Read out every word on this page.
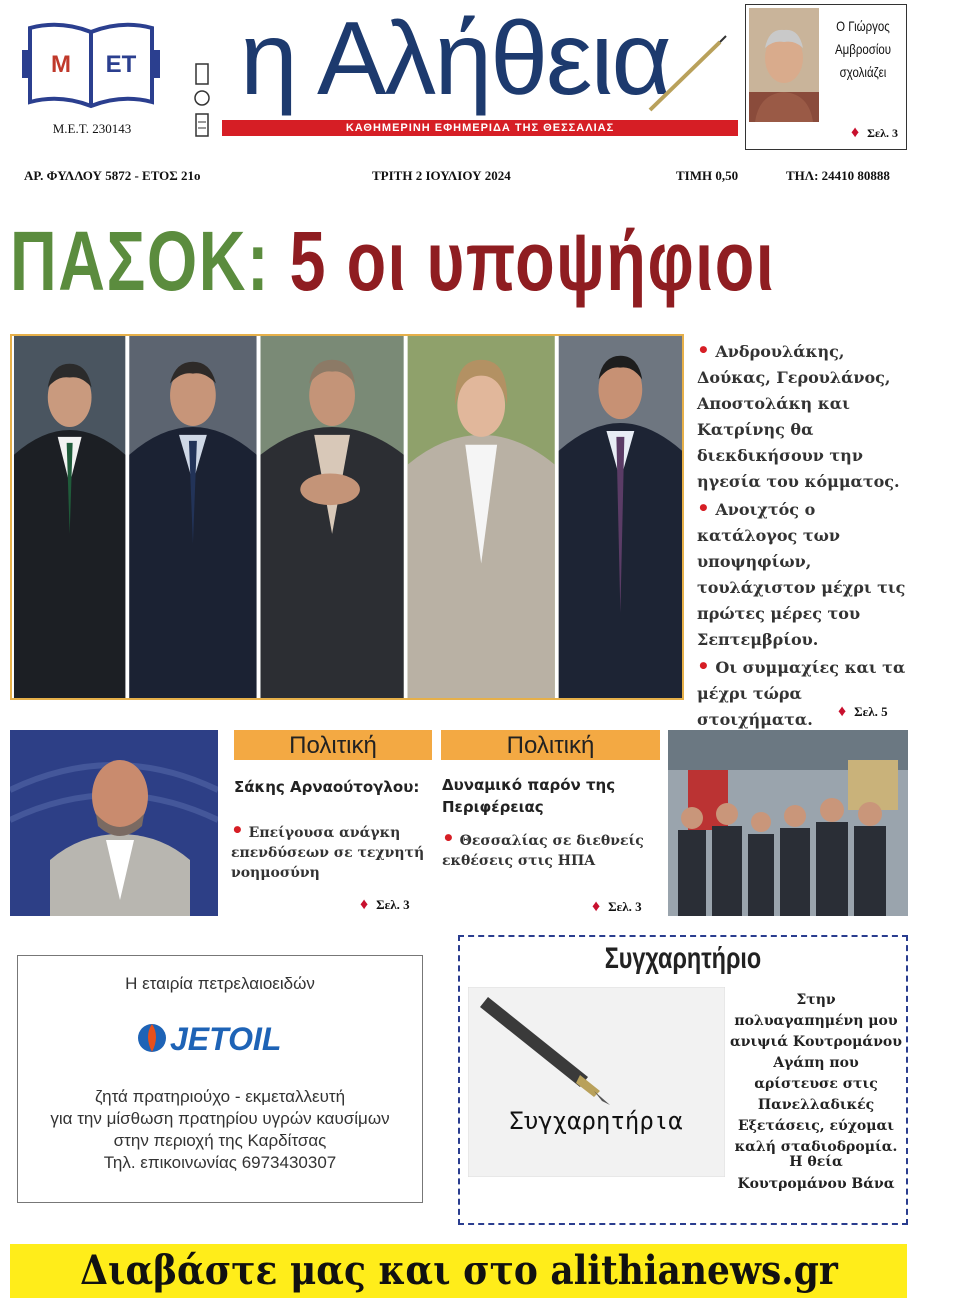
Μ ΕΤ
Μ.Ε.Τ. 230143
η Αλήθεια
ΚΑΘΗΜΕΡΙΝΗ ΕΦΗΜΕΡΙΔΑ ΤΗΣ ΘΕΣΣΑΛΙΑΣ
Ο Γιώργος
Αμβροσίου
σχολιάζει
♦ Σελ. 3
ΑΡ. ΦΥΛΛΟΥ 5872 - ΕΤΟΣ 21ο	ΤΡΙΤΗ 2 ΙΟΥΛΙΟΥ 2024	ΤΙΜΗ 0,50	ΤΗΛ: 24410 80888
ΠΑΣΟΚ: 5 οι υποψήφιοι

• Ανδρουλάκης, Δούκας, Γερουλάνος, Αποστολάκη και Κατρίνης θα διεκδικήσουν την ηγεσία του κόμματος.

• Ανοιχτός ο κατάλογος των υποψηφίων, τουλάχιστον μέχρι τις πρώτες μέρες του Σεπτεμβρίου.

• Οι συμμαχίες και τα μέχρι τώρα στοιχήματα.	♦ Σελ. 5
Πολιτική
Σάκης Αρναούτογλου:
• Επείγουσα ανάγκη επενδύσεων σε τεχνητή νοημοσύνη
♦ Σελ. 3
Πολιτική
Δυναμικό παρόν της Περιφέρειας
• Θεσσαλίας σε διεθνείς εκθέσεις στις ΗΠΑ
♦ Σελ. 3
Η εταιρία πετρελαιοειδών
JETOIL
ζητά πρατηριούχο - εκμεταλλευτή
για την μίσθωση πρατηρίου υγρών καυσίμων
στην περιοχή της Καρδίτσας
Τηλ. επικοινωνίας 6973430307
Συγχαρητήριο
Συγχαρητήρια
Στην πολυαγαπημένη μου ανιψιά Κουτρομάνου Αγάπη που αρίστευσε στις Πανελλαδικές Εξετάσεις, εύχομαι καλή σταδιοδρομία.
Η θεία
Κουτρομάνου Βάνα
Διαβάστε μας και στο alithianews.gr
